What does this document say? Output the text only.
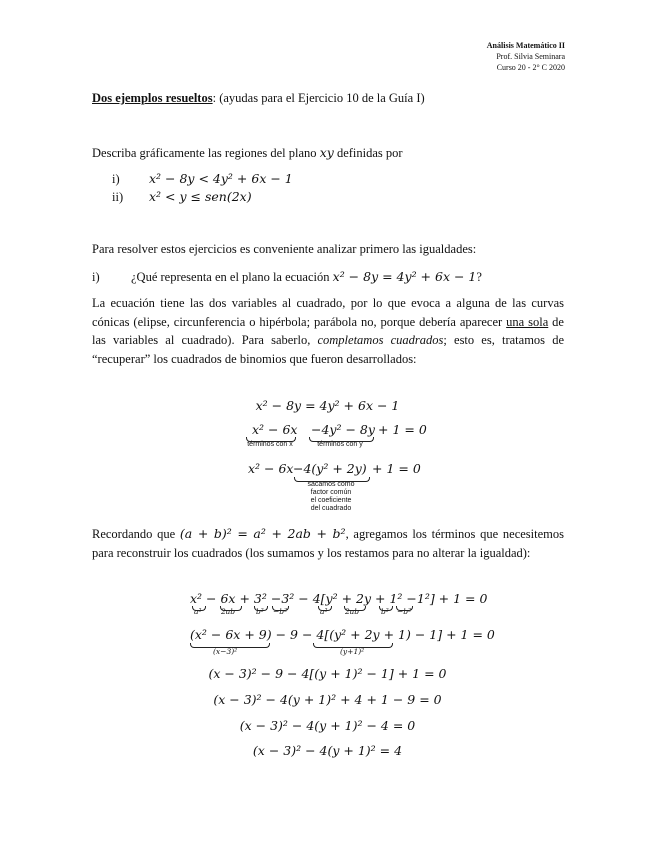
Análisis Matemático II
Prof. Silvia Seminara
Curso 20 - 2° C 2020
Dos ejemplos resueltos: (ayudas para el Ejercicio 10 de la Guía I)
Describa gráficamente las regiones del plano xy definidas por
i) x² − 8y < 4y² + 6x − 1
ii) x² < y ≤ sen(2x)
Para resolver estos ejercicios es conveniente analizar primero las igualdades:
i)	¿Qué representa en el plano la ecuación x² − 8y = 4y² + 6x − 1?
La ecuación tiene las dos variables al cuadrado, por lo que evoca a alguna de las curvas cónicas (elipse, circunferencia o hipérbola; parábola no, porque debería aparecer una sola de las variables al cuadrado). Para saberlo, completamos cuadrados; esto es, tratamos de “recuperar” los cuadrados de binomios que fueron desarrollados:
x² − 8y = 4y² + 6x − 1
x² − 6x
términos con x
−4y² − 8y
términos con y
+ 1 = 0
x² − 6x −4(y² + 2y)
sacamos como
factor común
el coeficiente
del cuadrado
+ 1 = 0
Recordando que (a + b)² = a² + 2ab + b², agregamos los términos que necesitemos para reconstruir los cuadrados (los sumamos y los restamos para no alterar la igualdad):
x² − 6x + 3² −3² − 4[y² + 2y + 1² −1²] + 1 = 0
a²	2ab	b² −b²	a² 2ab	b² −b²
(x² − 6x + 9) − 9 − 4[(y² + 2y + 1) − 1] + 1 = 0
(x−3)²	(y+1)²
(x − 3)² − 9 − 4[(y + 1)² − 1] + 1 = 0
(x − 3)² − 4(y + 1)² + 4 + 1 − 9 = 0
(x − 3)² − 4(y + 1)² − 4 = 0
(x − 3)² − 4(y + 1)² = 4
